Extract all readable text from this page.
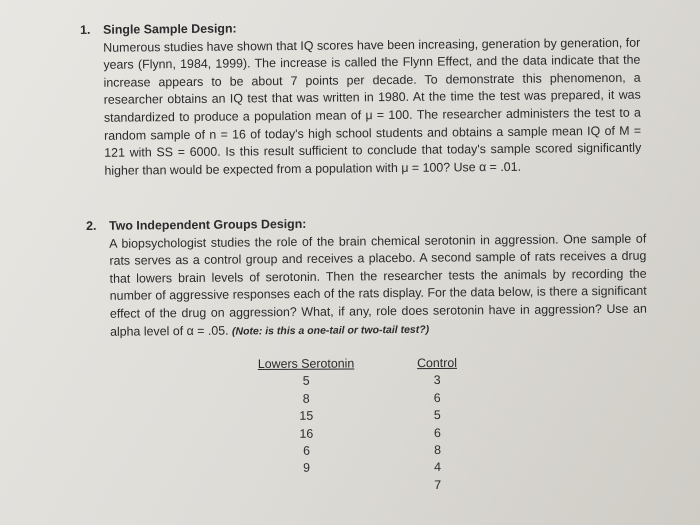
1. Single Sample Design:
Numerous studies have shown that IQ scores have been increasing, generation by generation, for years (Flynn, 1984, 1999). The increase is called the Flynn Effect, and the data indicate that the increase appears to be about 7 points per decade. To demonstrate this phenomenon, a researcher obtains an IQ test that was written in 1980. At the time the test was prepared, it was standardized to produce a population mean of μ = 100. The researcher administers the test to a random sample of n = 16 of today's high school students and obtains a sample mean IQ of M = 121 with SS = 6000. Is this result sufficient to conclude that today's sample scored significantly higher than would be expected from a population with μ = 100? Use α = .01.
2. Two Independent Groups Design:
A biopsychologist studies the role of the brain chemical serotonin in aggression. One sample of rats serves as a control group and receives a placebo. A second sample of rats receives a drug that lowers brain levels of serotonin. Then the researcher tests the animals by recording the number of aggressive responses each of the rats display. For the data below, is there a significant effect of the drug on aggression? What, if any, role does serotonin have in aggression? Use an alpha level of α = .05. (Note: is this a one-tail or two-tail test?)
Lowers Serotonin
5
8
15
16
6
9
Control
3
6
5
6
8
4
7
